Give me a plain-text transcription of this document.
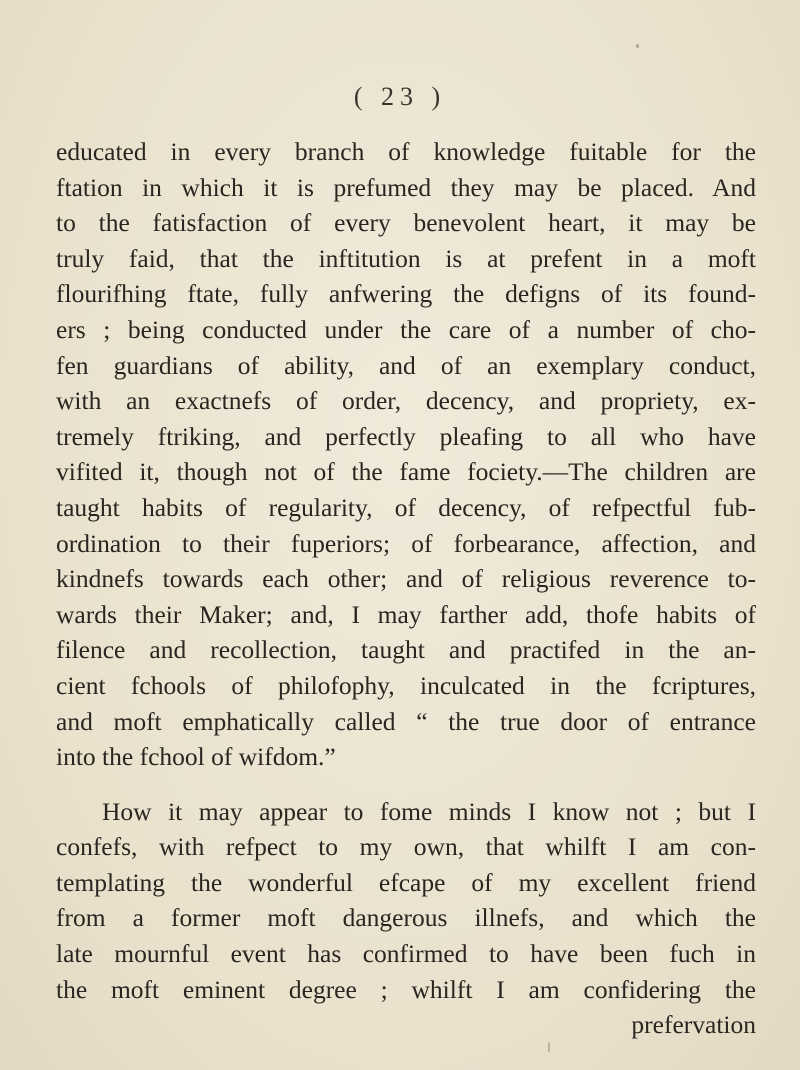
( 23 )
educated in every branch of knowledge fuitable for the
ftation in which it is prefumed they may be placed. And
to the fatisfaction of every benevolent heart, it may be
truly faid, that the inftitution is at prefent in a moft
flourifhing ftate, fully anfwering the defigns of its found-
ers ; being conducted under the care of a number of cho-
fen guardians of ability, and of an exemplary conduct,
with an exactnefs of order, decency, and propriety, ex-
tremely ftriking, and perfectly pleafing to all who have
vifited it, though not of the fame fociety.—The children are
taught habits of regularity, of decency, of refpectful fub-
ordination to their fuperiors; of forbearance, affection, and
kindnefs towards each other; and of religious reverence to-
wards their Maker; and, I may farther add, thofe habits of
filence and recollection, taught and practifed in the an-
cient fchools of philofophy, inculcated in the fcriptures,
and moft emphatically called “ the true door of entrance
into the fchool of wifdom.”
How it may appear to fome minds I know not ; but I
confefs, with refpect to my own, that whilft I am con-
templating the wonderful efcape of my excellent friend
from a former moft dangerous illnefs, and which the
late mournful event has confirmed to have been fuch in
the moft eminent degree ; whilft I am confidering the
prefervation
